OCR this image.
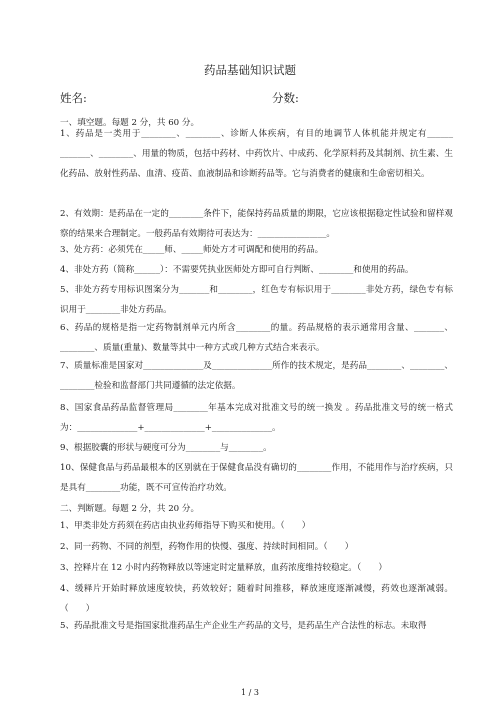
药品基础知识试题
姓名:	分数:
一、填空题。每题 2 分，共 60 分。
1、药品是一类用于________、________、诊断人体疾病，有目的地调节人体机能并规定有______ _______、________、用量的物质，包括中药材、中药饮片、中成药、化学原料药及其制剂、抗生素、生化药品、放射性药品、血清、疫苗、血液制品和诊断药品等。它与消费者的健康和生命密切相关。
2、有效期：是药品在一定的________条件下，能保持药品质量的期限，它应该根据稳定性试验和留样观察的结果来合理制定。一般药品有效期待可表达为：________________。
3、处方药：必须凭在_____师、_____师处方才可调配和使用的药品。
4、非处方药（简称______）：不需要凭执业医师处方即可自行判断、________和使用的药品。
5、非处方药专用标识图案分为_______和________，红色专有标识用于________非处方药，绿色专有标识用于________非处方药品。
6、药品的规格是指一定药物制剂单元内所含________的量。药品规格的表示通常用含量、_______、________、质量(重量)、数量等其中一种方式或几种方式结合来表示。
7、质量标准是国家对______________及______________所作的技术规定，是药品________、________、________检验和监督部门共同遵循的法定依据。
8、国家食品药品监督管理局________年基本完成对批准文号的统一换发 。药品批准文号的统一格式为：______________+______________+______________。
9、根据胶囊的形状与硬度可分为________与________。
10、保健食品与药品最根本的区别就在于保健食品没有确切的________作用，不能用作与治疗疾病，只是具有________功能，既不可宣传治疗功效。
二、判断题。每题 2 分，共 20 分。
1、甲类非处方药须在药店由执业药师指导下购买和使用。（　　）
2、同一药物、不同的剂型，药物作用的快慢、强度、持续时间相同。（　　）
3、控释片在 12 小时内药物释放以等速定时定量释放，血药浓度维持较稳定。（　　）
4、缓释片开始时释放速度较快，药效较好；随着时间推移，释放速度逐渐减慢，药效也逐渐减弱。（　　）
5、药品批准文号是指国家批准药品生产企业生产药品的文号，是药品生产合法性的标志。未取得
1 / 3
